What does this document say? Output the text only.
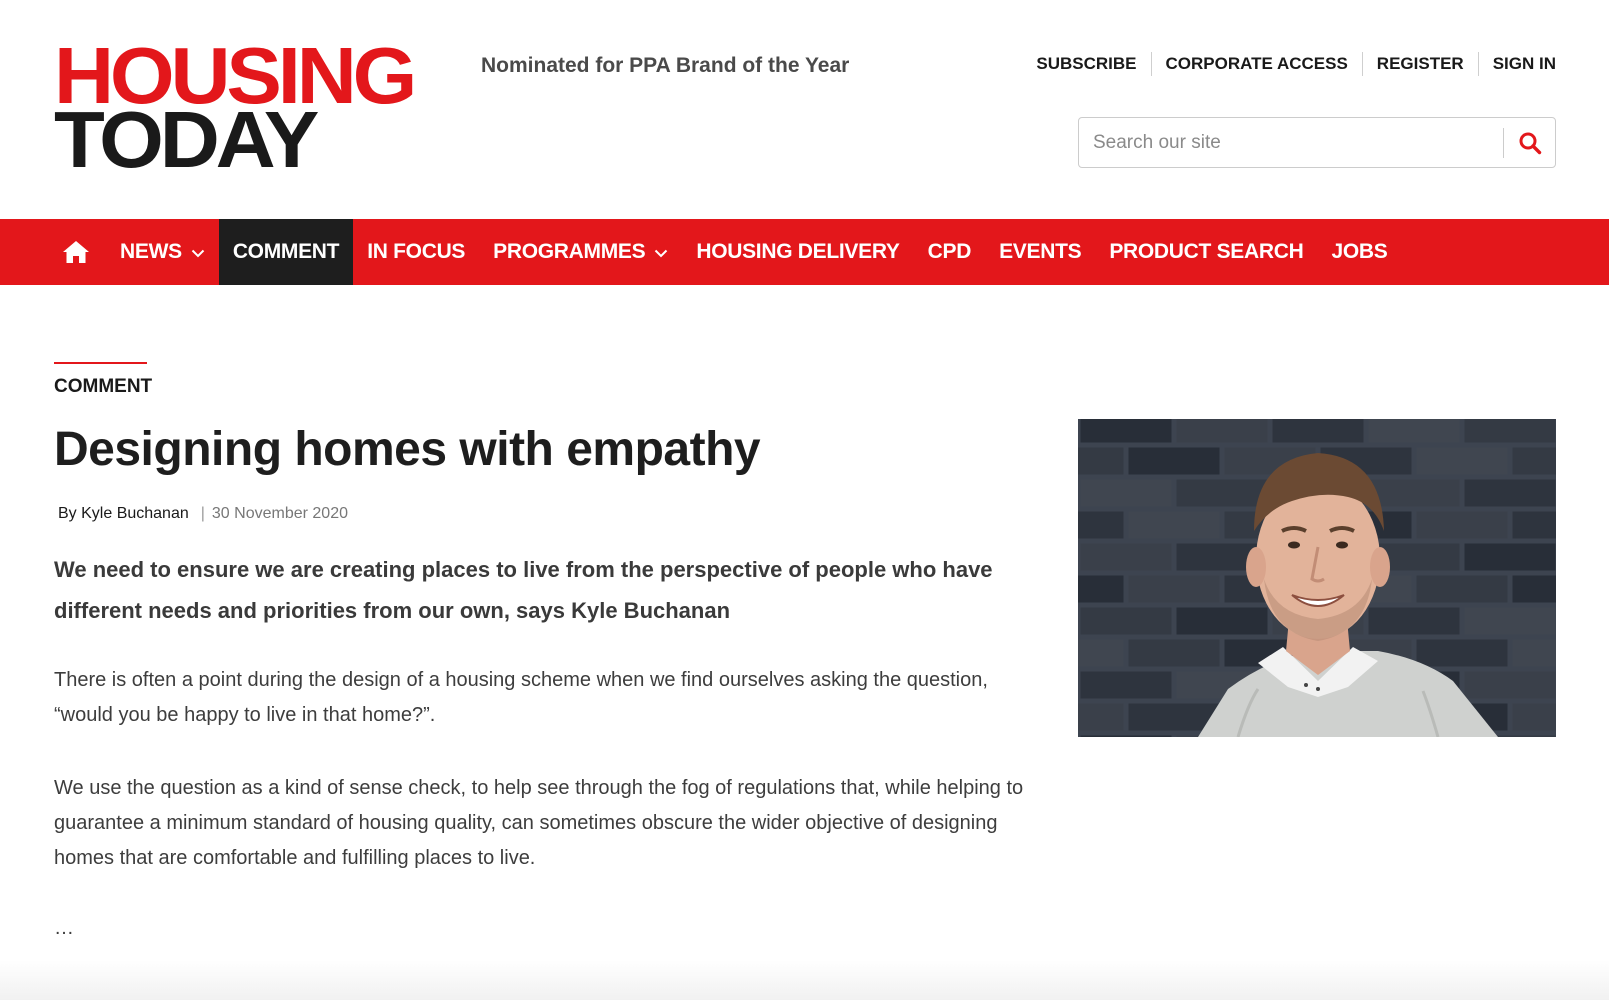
HOUSING
TODAY
Nominated for PPA Brand of the Year	SUBSCRIBE	CORPORATE ACCESS	REGISTER	SIGN IN
Search our site
NEWS COMMENT IN FOCUS PROGRAMMES HOUSING DELIVERY CPD EVENTS PRODUCT SEARCH JOBS
COMMENT
Designing homes with empathy
By Kyle Buchanan | 30 November 2020

We need to ensure we are creating places to live from the perspective of people who have different needs and priorities from our own, says Kyle Buchanan

There is often a point during the design of a housing scheme when we find ourselves asking the question, “would you be happy to live in that home?”.

We use the question as a kind of sense check, to help see through the fog of regulations that, while helping to guarantee a minimum standard of housing quality, can sometimes obscure the wider objective of designing homes that are comfortable and fulfilling places to live.

…
